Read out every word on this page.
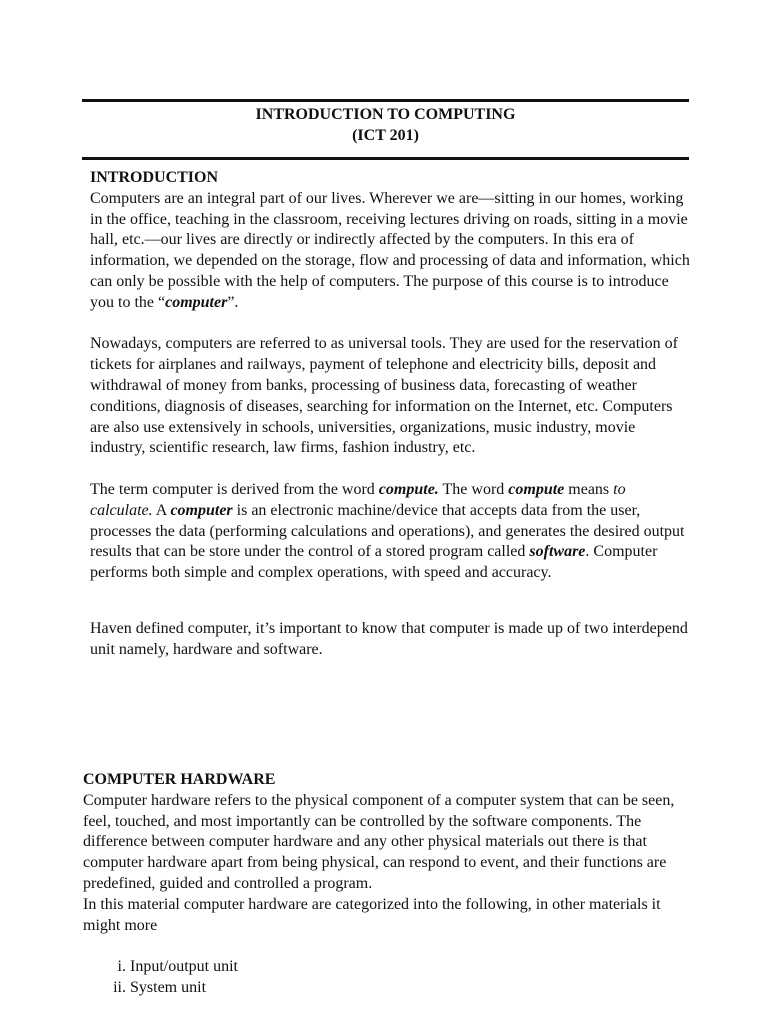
INTRODUCTION TO COMPUTING
(ICT 201)
INTRODUCTION

Computers are an integral part of our lives. Wherever we are—sitting in our homes, working in the office, teaching in the classroom, receiving lectures driving on roads, sitting in a movie hall, etc.—our lives are directly or indirectly affected by the computers. In this era of information, we depended on the storage, flow and processing of data and information, which can only be possible with the help of computers. The purpose of this course is to introduce you to the “computer”.

Nowadays, computers are referred to as universal tools. They are used for the reservation of tickets for airplanes and railways, payment of telephone and electricity bills, deposit and withdrawal of money from banks, processing of business data, forecasting of weather conditions, diagnosis of diseases, searching for information on the Internet, etc. Computers are also use extensively in schools, universities, organizations, music industry, movie industry, scientific research, law firms, fashion industry, etc.

The term computer is derived from the word compute. The word compute means to calculate. A computer is an electronic machine/device that accepts data from the user, processes the data (performing calculations and operations), and generates the desired output results that can be store under the control of a stored program called software. Computer performs both simple and complex operations, with speed and accuracy.

Haven defined computer, it’s important to know that computer is made up of two interdepend unit namely, hardware and software.

COMPUTER HARDWARE

Computer hardware refers to the physical component of a computer system that can be seen, feel, touched, and most importantly can be controlled by the software components. The difference between computer hardware and any other physical materials out there is that computer hardware apart from being physical, can respond to event, and their functions are predefined, guided and controlled a program.

In this material computer hardware are categorized into the following, in other materials it might more

i. Input/output unit
ii. System unit
